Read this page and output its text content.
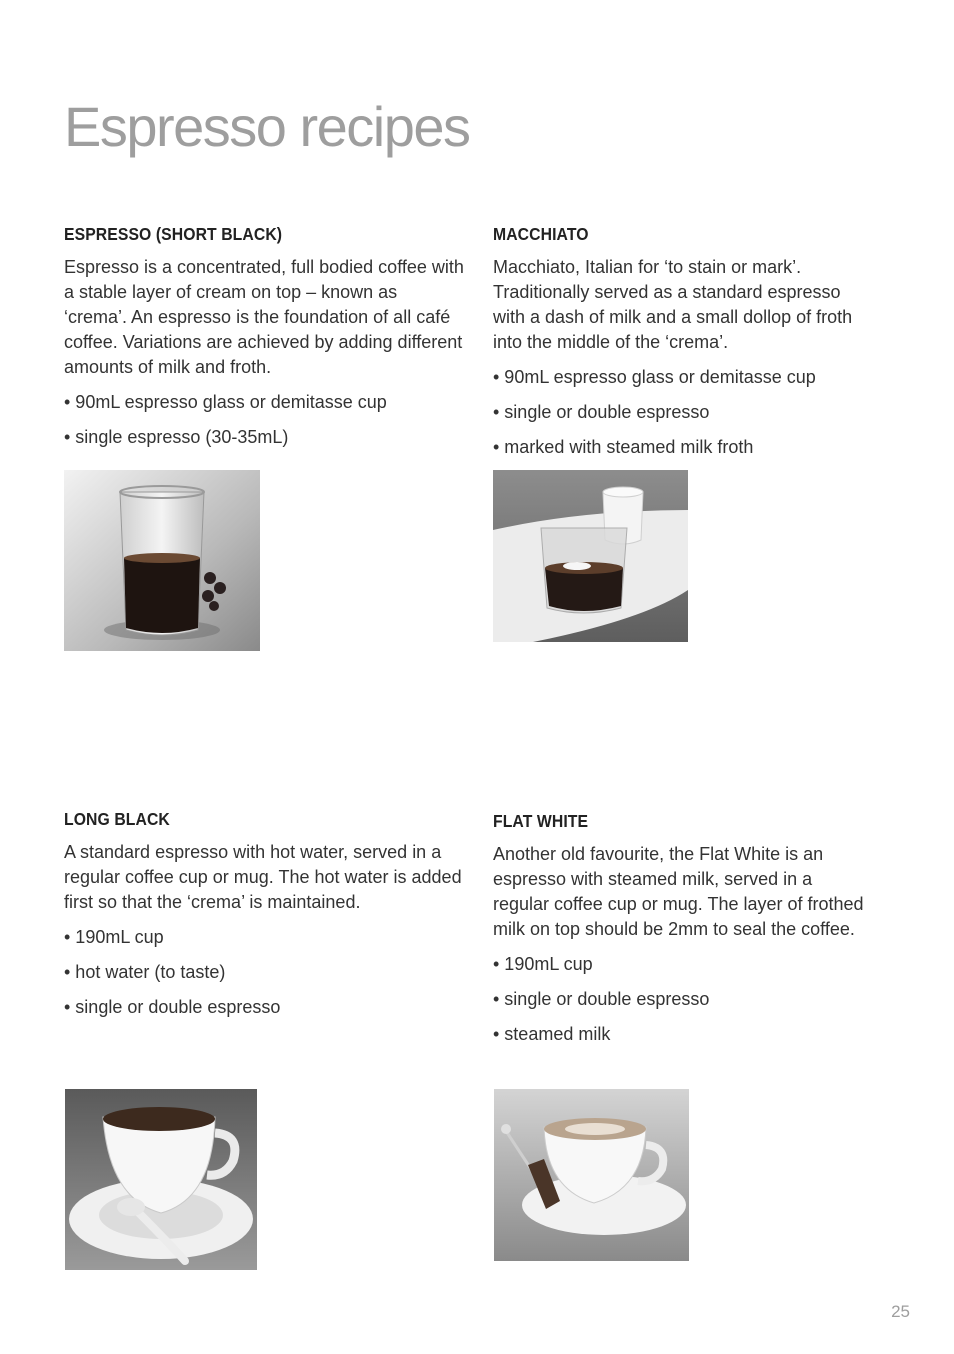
Espresso recipes
ESPRESSO (SHORT BLACK)

Espresso is a concentrated, full bodied coffee with a stable layer of cream on top – known as ‘crema’. An espresso is the foundation of all café coffee. Variations are achieved by adding different amounts of milk and froth.

• 90mL espresso glass or demitasse cup
• single espresso (30-35mL)
MACCHIATO

Macchiato, Italian for ‘to stain or mark’. Traditionally served as a standard espresso with a dash of milk and a small dollop of froth into the middle of the ‘crema’.

• 90mL espresso glass or demitasse cup
• single or double espresso
• marked with steamed milk froth
LONG BLACK

A standard espresso with hot water, served in a regular coffee cup or mug. The hot water is added first so that the ‘crema’ is maintained.

• 190mL cup
• hot water (to taste)
• single or double espresso
FLAT WHITE

Another old favourite, the Flat White is an espresso with steamed milk, served in a regular coffee cup or mug. The layer of frothed milk on top should be 2mm to seal the coffee.

• 190mL cup
• single or double espresso
• steamed milk
25
